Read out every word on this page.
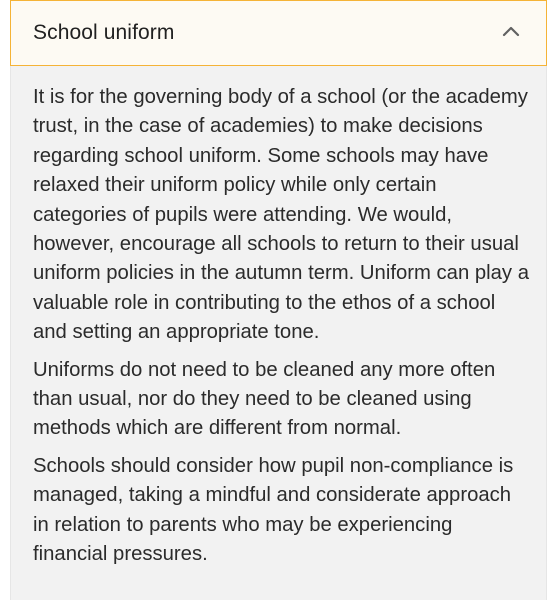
School uniform

It is for the governing body of a school (or the academy trust, in the case of academies) to make decisions regarding school uniform. Some schools may have relaxed their uniform policy while only certain categories of pupils were attending. We would, however, encourage all schools to return to their usual uniform policies in the autumn term. Uniform can play a valuable role in contributing to the ethos of a school and setting an appropriate tone.

Uniforms do not need to be cleaned any more often than usual, nor do they need to be cleaned using methods which are different from normal.

Schools should consider how pupil non-compliance is managed, taking a mindful and considerate approach in relation to parents who may be experiencing financial pressures.
